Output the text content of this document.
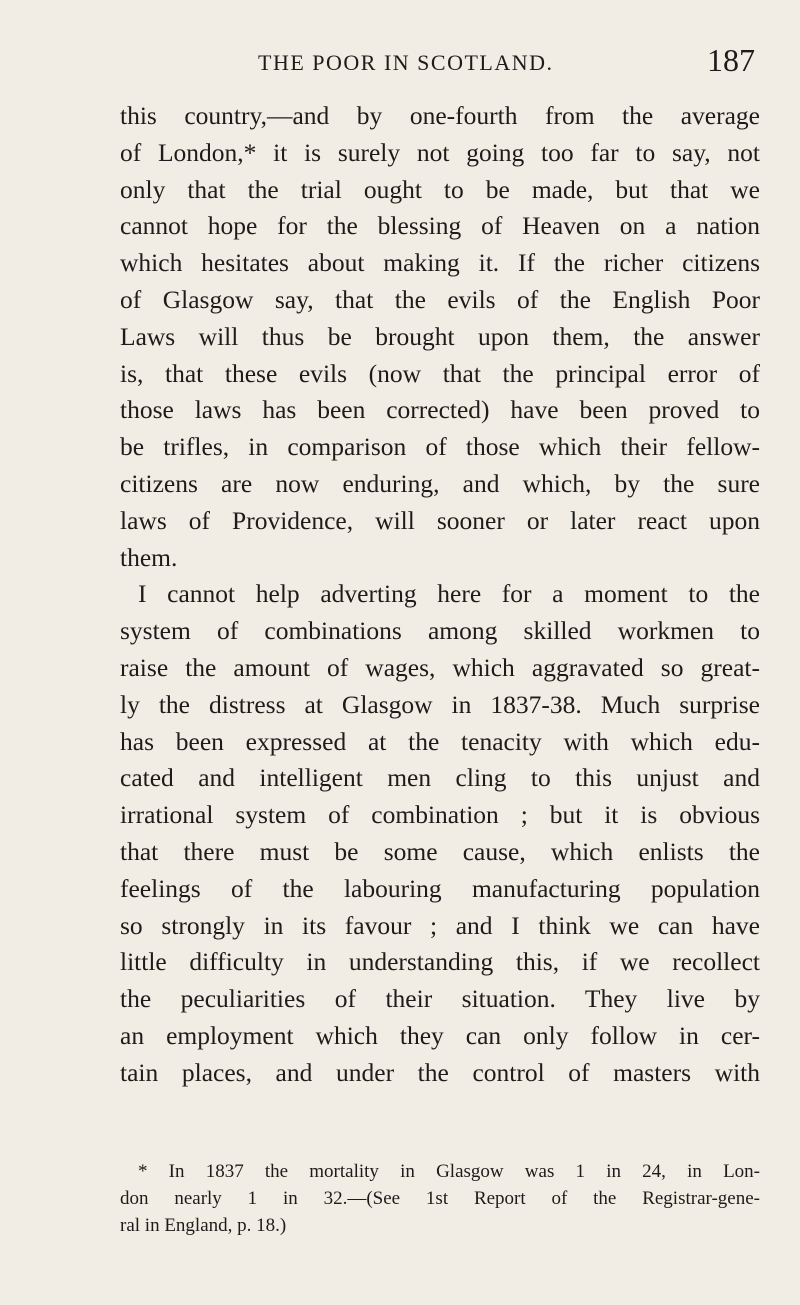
THE POOR IN SCOTLAND.	187
this country,—and by one-fourth from the average
of London,* it is surely not going too far to say, not
only that the trial ought to be made, but that we
cannot hope for the blessing of Heaven on a nation
which hesitates about making it. If the richer citizens
of Glasgow say, that the evils of the English Poor
Laws will thus be brought upon them, the answer
is, that these evils (now that the principal error of
those laws has been corrected) have been proved to
be trifles, in comparison of those which their fellow-
citizens are now enduring, and which, by the sure
laws of Providence, will sooner or later react upon
them.
I cannot help adverting here for a moment to the
system of combinations among skilled workmen to
raise the amount of wages, which aggravated so great-
ly the distress at Glasgow in 1837-38. Much surprise
has been expressed at the tenacity with which edu-
cated and intelligent men cling to this unjust and
irrational system of combination ; but it is obvious
that there must be some cause, which enlists the
feelings of the labouring manufacturing population
so strongly in its favour ; and I think we can have
little difficulty in understanding this, if we recollect
the peculiarities of their situation. They live by
an employment which they can only follow in cer-
tain places, and under the control of masters with
* In 1837 the mortality in Glasgow was 1 in 24, in Lon-
don nearly 1 in 32.—(See 1st Report of the Registrar-gene-
ral in England, p. 18.)
